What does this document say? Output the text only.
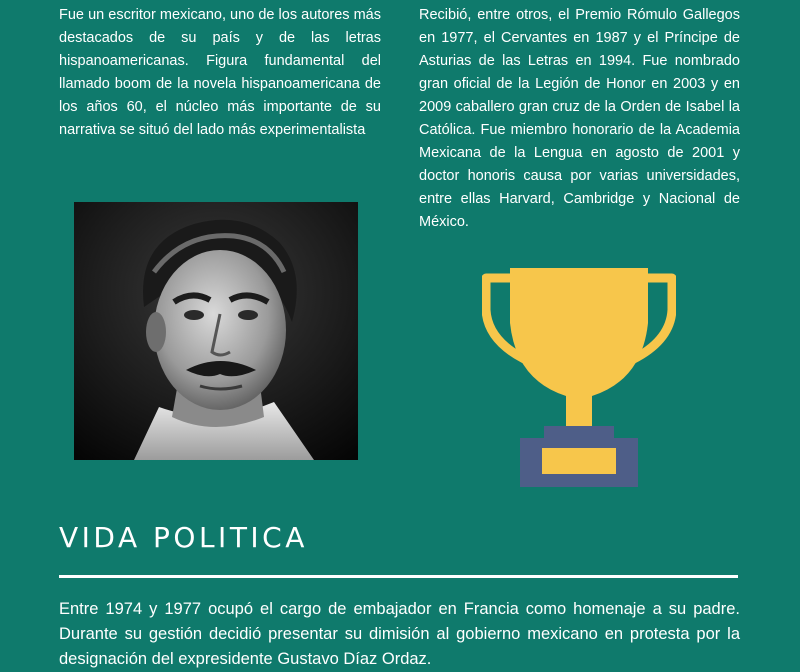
Fue un escritor mexicano, uno de los autores más destacados de su país y de las letras hispanoamericanas. Figura fundamental del llamado boom de la novela hispanoamericana de los años 60, el núcleo más importante de su narrativa se situó del lado más experimentalista

Recibió, entre otros, el Premio Rómulo Gallegos en 1977, el Cervantes en 1987 y el Príncipe de Asturias de las Letras en 1994. Fue nombrado gran oficial de la Legión de Honor en 2003 y en 2009 caballero gran cruz de la Orden de Isabel la Católica. Fue miembro honorario de la Academia Mexicana de la Lengua en agosto de 2001 y doctor honoris causa por varias universidades, entre ellas Harvard, Cambridge y Nacional de México.

VIDA POLITICA

Entre 1974 y 1977 ocupó el cargo de embajador en Francia como homenaje a su padre. Durante su gestión decidió presentar su dimisión al gobierno mexicano en protesta por la designación del expresidente Gustavo Díaz Ordaz.
